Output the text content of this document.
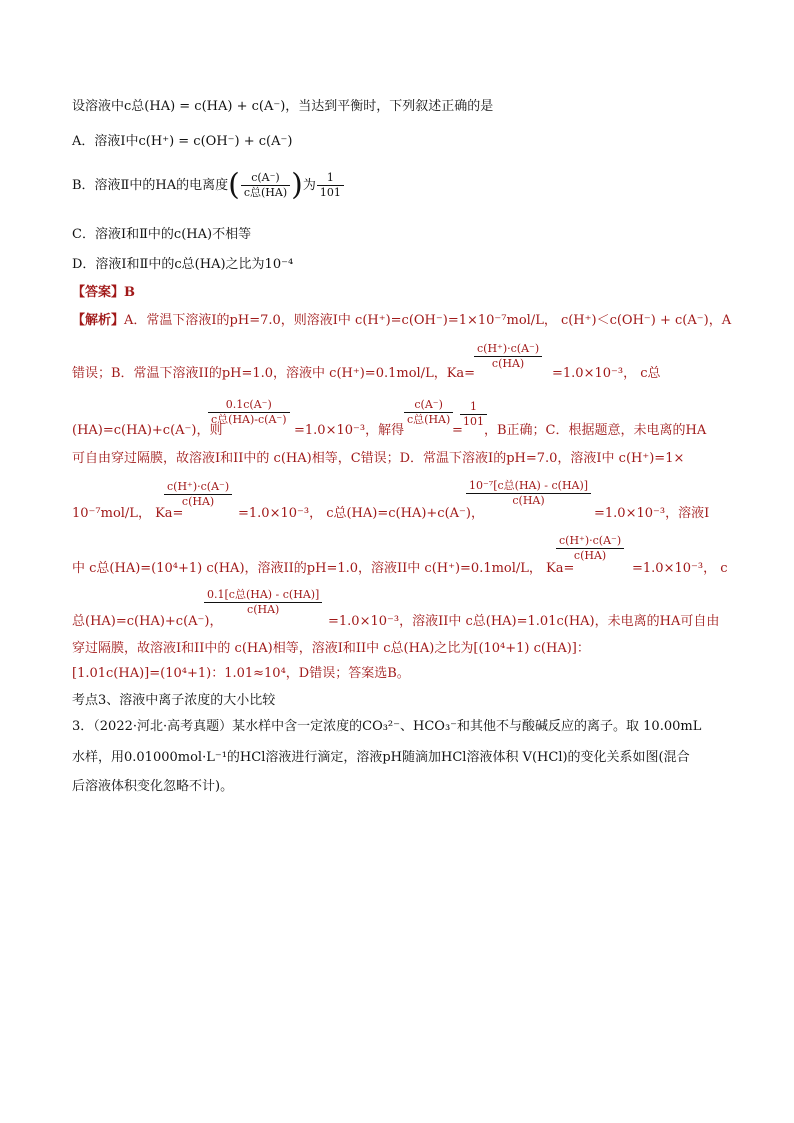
设溶液中c总(HA) = c(HA) + c(A⁻)，当达到平衡时，下列叙述正确的是
A．溶液Ⅰ中c(H⁺) = c(OH⁻) + c(A⁻)
B．溶液Ⅱ中的HA的电离度( $\frac{c(A^-)}{\text{c总(HA)}}$ )为 $\frac{1}{101}$
C．溶液Ⅰ和Ⅱ中的c(HA)不相等
D．溶液Ⅰ和Ⅱ中的c总(HA)之比为10⁻⁴
【答案】B
【解析】A．常温下溶液Ⅰ的pH=7.0，则溶液Ⅰ中 c(H⁺)=c(OH⁻)=1×10⁻⁷mol/L， c(H⁺)＜c(OH⁻) + c(A⁻)，A
错误；B．常温下溶液II的pH=1.0，溶液中 c(H⁺)=0.1mol/L，Ka=
$\frac{c(H^+)\cdot c(A^-)}{c(HA)}$
=1.0×10⁻³， c总
(HA)=c(HA)+c(A⁻)，则
0.1c(A⁻)
c总(HA)-c(A⁻)
=1.0×10⁻³，解得
c(A⁻)
c总(HA)
=
$\frac{1}{101}$
，B正确；C．根据题意，未电离的HA
可自由穿过隔膜，故溶液Ⅰ和II中的 c(HA)相等，C错误；D．常温下溶液Ⅰ的pH=7.0，溶液Ⅰ中 c(H⁺)=1×
10⁻⁷mol/L， Ka=
$\frac{c(H^+)\cdot c(A^-)}{c(HA)}$
=1.0×10⁻³， c总(HA)=c(HA)+c(A⁻)，
10⁻⁷[c总(HA) - c(HA)]
c(HA)
=1.0×10⁻³，溶液Ⅰ
中 c总(HA)=(10⁴+1) c(HA)，溶液II的pH=1.0，溶液II中 c(H⁺)=0.1mol/L， Ka=
$\frac{c(H^+)\cdot c(A^-)}{c(HA)}$
=1.0×10⁻³， c
总(HA)=c(HA)+c(A⁻)，
0.1[c总(HA) - c(HA)]
c(HA)
=1.0×10⁻³，溶液II中 c总(HA)=1.01c(HA)，未电离的HA可自由
穿过隔膜，故溶液Ⅰ和II中的 c(HA)相等，溶液Ⅰ和II中 c总(HA)之比为[(10⁴+1) c(HA)]：
[1.01c(HA)]=(10⁴+1)：1.01≈10⁴，D错误；答案选B。
考点3、溶液中离子浓度的大小比较
3．（2022·河北·高考真题）某水样中含一定浓度的CO₃²⁻、HCO₃⁻和其他不与酸碱反应的离子。取 10.00mL
水样，用0.01000mol·L⁻¹的HCl溶液进行滴定，溶液pH随滴加HCl溶液体积 V(HCl)的变化关系如图(混合
后溶液体积变化忽略不计)。
